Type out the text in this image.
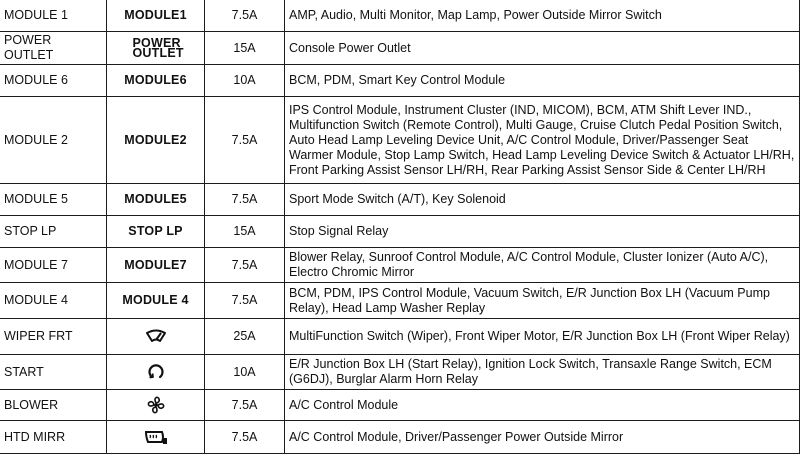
MODULE 1	MODULE1	7.5A	AMP, Audio, Multi Monitor, Map Lamp, Power Outside Mirror Switch
POWER OUTLET	POWER OUTLET	15A	Console Power Outlet
MODULE 6	MODULE6	10A	BCM, PDM, Smart Key Control Module
MODULE 2	MODULE2	7.5A	IPS Control Module, Instrument Cluster (IND, MICOM), BCM, ATM Shift Lever IND., Multifunction Switch (Remote Control), Multi Gauge, Cruise Clutch Pedal Position Switch, Auto Head Lamp Leveling Device Unit, A/C Control Module, Driver/Passenger Seat Warmer Module, Stop Lamp Switch, Head Lamp Leveling Device Switch & Actuator LH/RH, Front Parking Assist Sensor LH/RH, Rear Parking Assist Sensor Side & Center LH/RH
MODULE 5	MODULE5	7.5A	Sport Mode Switch (A/T), Key Solenoid
STOP LP	STOP LP	15A	Stop Signal Relay
MODULE 7	MODULE7	7.5A	Blower Relay, Sunroof Control Module, A/C Control Module, Cluster Ionizer (Auto A/C), Electro Chromic Mirror
MODULE 4	MODULE 4	7.5A	BCM, PDM, IPS Control Module, Vacuum Switch, E/R Junction Box LH (Vacuum Pump Relay), Head Lamp Washer Replay
WIPER FRT		25A	MultiFunction Switch (Wiper), Front Wiper Motor, E/R Junction Box LH (Front Wiper Relay)
START		10A	E/R Junction Box LH (Start Relay), Ignition Lock Switch, Transaxle Range Switch, ECM (G6DJ), Burglar Alarm Horn Relay
BLOWER		7.5A	A/C Control Module
HTD MIRR		7.5A	A/C Control Module, Driver/Passenger Power Outside Mirror
